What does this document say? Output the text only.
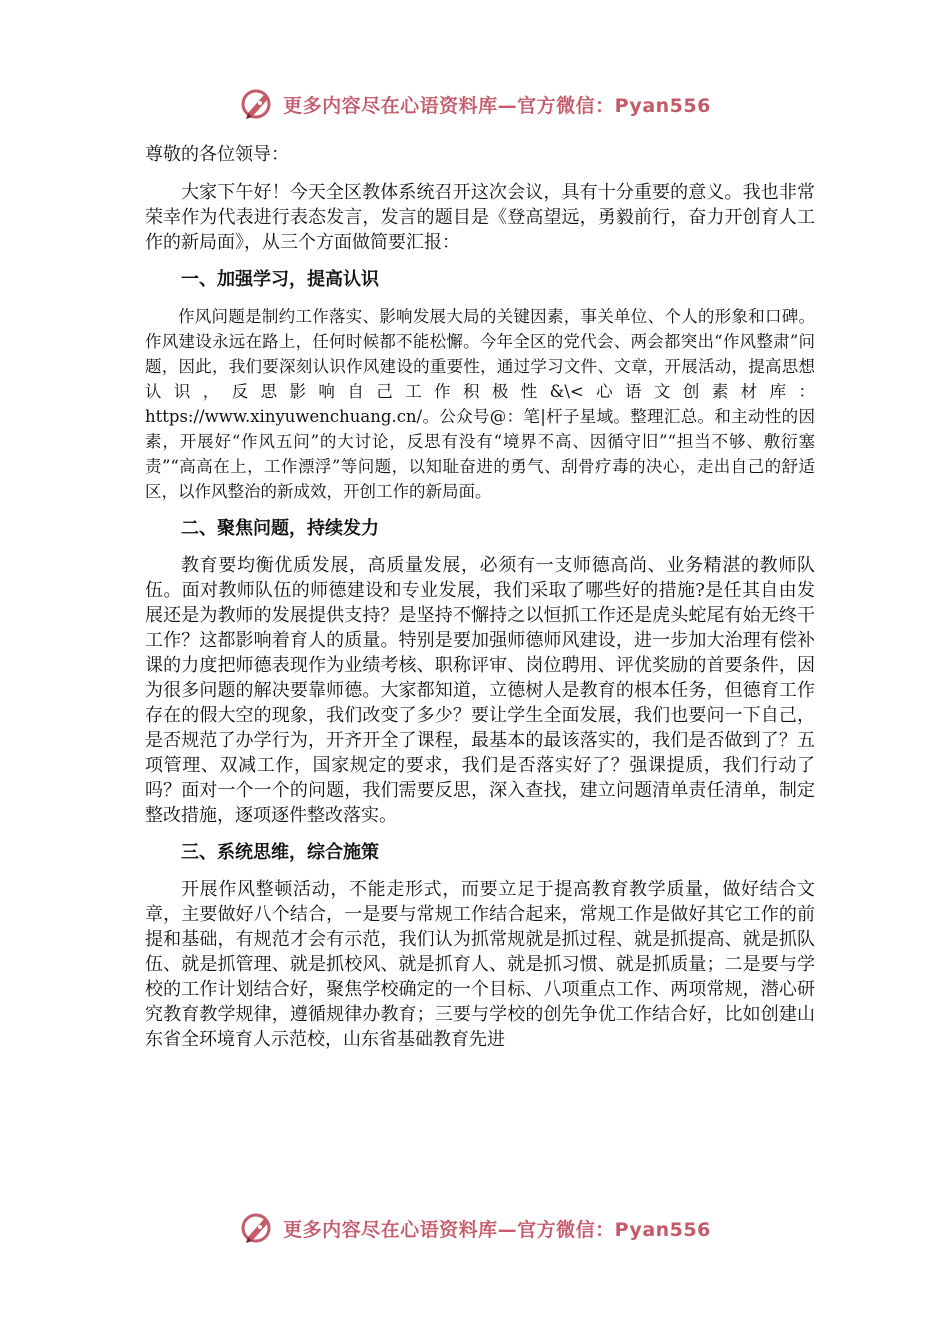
更多内容尽在心语资料库—官方微信：Pyan556

尊敬的各位领导：

大家下午好！今天全区教体系统召开这次会议，具有十分重要的意义。我也非常荣幸作为代表进行表态发言，发言的题目是《登高望远，勇毅前行，奋力开创育人工作的新局面》，从三个方面做简要汇报：

一、加强学习，提高认识

作风问题是制约工作落实、影响发展大局的关键因素，事关单位、个人的形象和口碑。作风建设永远在路上，任何时候都不能松懈。今年全区的党代会、两会都突出“作风整肃”问题，因此，我们要深刻认识作风建设的重要性，通过学习文件、文章，开展活动，提高思想认识，反思影响自己工作积极性&\<心语文创素材库：https://www.xinyuwenchuang.cn/。公众号@：笔|杆子星域。整理汇总。和主动性的因素，开展好“作风五问”的大讨论，反思有没有“境界不高、因循守旧”“担当不够、敷衍塞责”“高高在上，工作漂浮”等问题，以知耻奋进的勇气、刮骨疗毒的决心，走出自己的舒适区，以作风整治的新成效，开创工作的新局面。

二、聚焦问题，持续发力

教育要均衡优质发展，高质量发展，必须有一支师德高尚、业务精湛的教师队伍。面对教师队伍的师德建设和专业发展，我们采取了哪些好的措施?是任其自由发展还是为教师的发展提供支持？是坚持不懈持之以恒抓工作还是虎头蛇尾有始无终干工作？这都影响着育人的质量。特别是要加强师德师风建设，进一步加大治理有偿补课的力度把师德表现作为业绩考核、职称评审、岗位聘用、评优奖励的首要条件，因为很多问题的解决要靠师德。大家都知道，立德树人是教育的根本任务，但德育工作存在的假大空的现象，我们改变了多少？要让学生全面发展，我们也要问一下自己，是否规范了办学行为，开齐开全了课程，最基本的最该落实的，我们是否做到了？五项管理、双减工作，国家规定的要求，我们是否落实好了？强课提质，我们行动了吗？面对一个一个的问题，我们需要反思，深入查找，建立问题清单责任清单，制定整改措施，逐项逐件整改落实。

三、系统思维，综合施策

开展作风整顿活动，不能走形式，而要立足于提高教育教学质量，做好结合文章，主要做好八个结合，一是要与常规工作结合起来，常规工作是做好其它工作的前提和基础，有规范才会有示范，我们认为抓常规就是抓过程、就是抓提高、就是抓队伍、就是抓管理、就是抓校风、就是抓育人、就是抓习惯、就是抓质量；二是要与学校的工作计划结合好，聚焦学校确定的一个目标、八项重点工作、两项常规，潜心研究教育教学规律，遵循规律办教育；三要与学校的创先争优工作结合好，比如创建山东省全环境育人示范校，山东省基础教育先进

更多内容尽在心语资料库—官方微信：Pyan556
